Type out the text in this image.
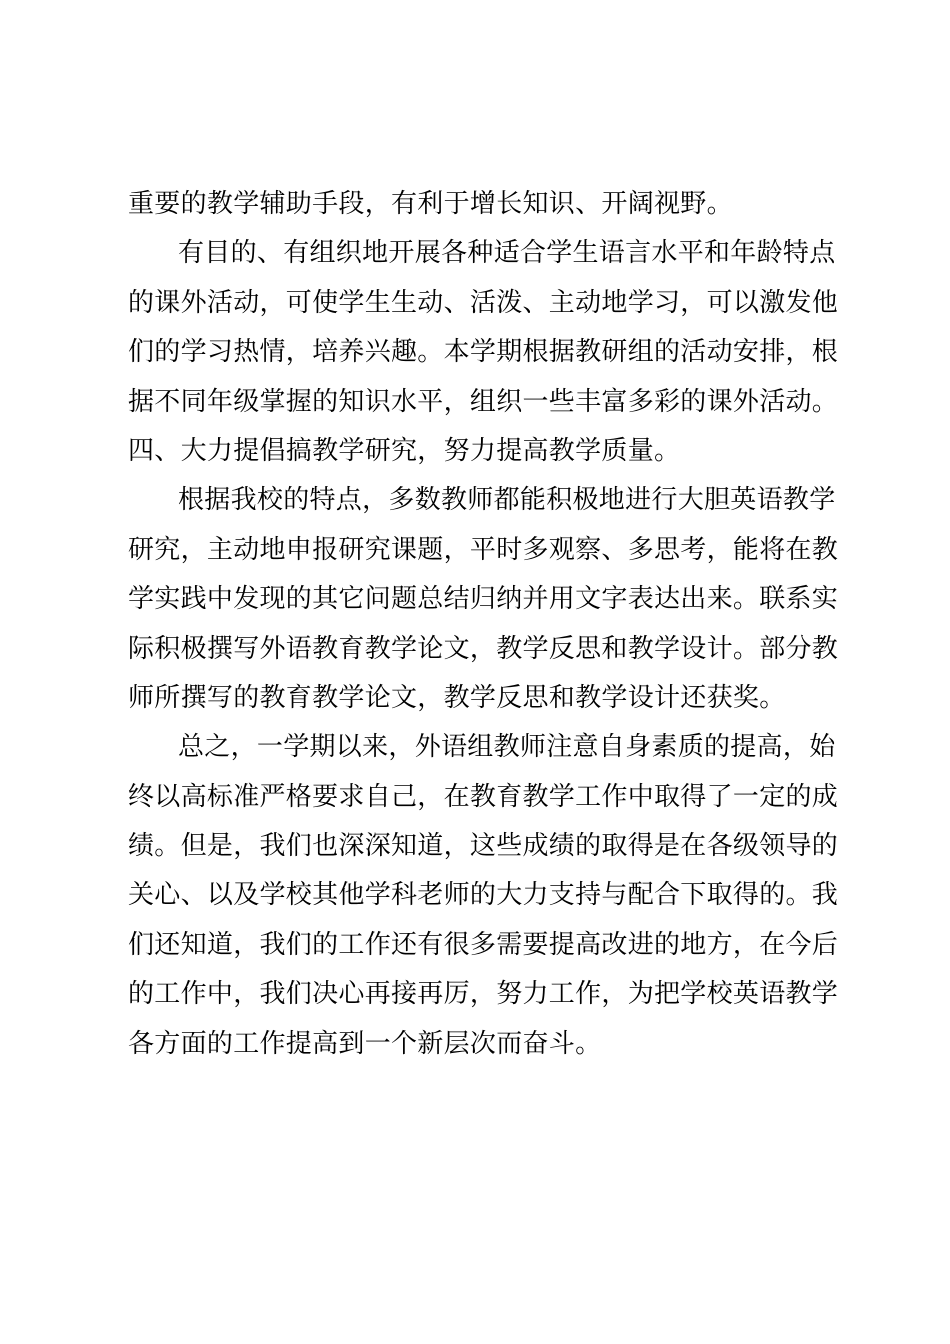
重要的教学辅助手段，有利于增长知识、开阔视野。
有目的、有组织地开展各种适合学生语言水平和年龄特点
的课外活动，可使学生生动、活泼、主动地学习，可以激发他
们的学习热情，培养兴趣。本学期根据教研组的活动安排，根
据不同年级掌握的知识水平，组织一些丰富多彩的课外活动。
四、大力提倡搞教学研究，努力提高教学质量。
根据我校的特点，多数教师都能积极地进行大胆英语教学
研究，主动地申报研究课题，平时多观察、多思考，能将在教
学实践中发现的其它问题总结归纳并用文字表达出来。联系实
际积极撰写外语教育教学论文，教学反思和教学设计。部分教
师所撰写的教育教学论文，教学反思和教学设计还获奖。
总之，一学期以来，外语组教师注意自身素质的提高，始
终以高标准严格要求自己，在教育教学工作中取得了一定的成
绩。但是，我们也深深知道，这些成绩的取得是在各级领导的
关心、以及学校其他学科老师的大力支持与配合下取得的。我
们还知道，我们的工作还有很多需要提高改进的地方，在今后
的工作中，我们决心再接再厉，努力工作，为把学校英语教学
各方面的工作提高到一个新层次而奋斗。
